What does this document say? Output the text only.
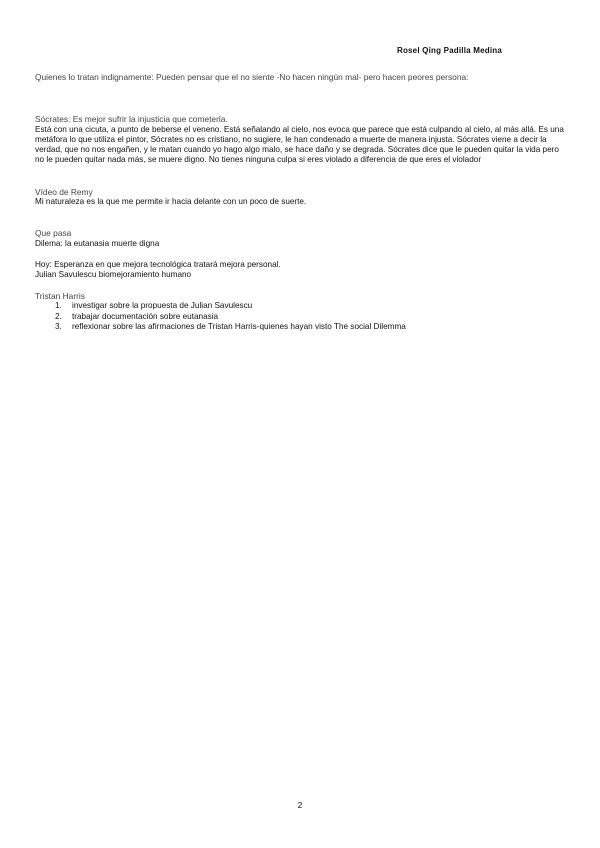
Rosel Qing Padilla Medina

Quienes lo tratan indignamente: Pueden pensar que el no siente -No hacen ningún mal- pero hacen peores persona:

Sócrates: Es mejor sufrir la injusticia que cometerla.

Está con una cicuta, a punto de beberse el veneno. Está señalando al cielo, nos evoca que parece que está culpando al cielo, al más allá. Es una metáfora lo que utiliza el pintor, Sócrates no es cristiano, no sugiere, le han condenado a muerte de manera injusta. Sócrates viene a decir la verdad, que no nos engañen, y le matan cuando yo hago algo malo, se hace daño y se degrada. Sócrates dice que le pueden quitar la vida pero no le pueden quitar nada más, se muere digno. No tienes ninguna culpa si eres violado a diferencia de que eres el violador

Vídeo de Remy

Mi naturaleza es la que me permite ir hacia delante con un poco de suerte.

Que pasa

Dilema: la eutanasia muerte digna

Hoy: Esperanza en que mejora tecnológica tratará mejora personal.

Julian Savulescu biomejoramiento humano

Tristan Harris

1. investigar sobre la propuesta de Julian Savulescu
2. trabajar documentación sobre eutanasia
3. reflexionar sobre las afirmaciones de Tristan Harris-quienes hayan visto The social Dilemma
2
